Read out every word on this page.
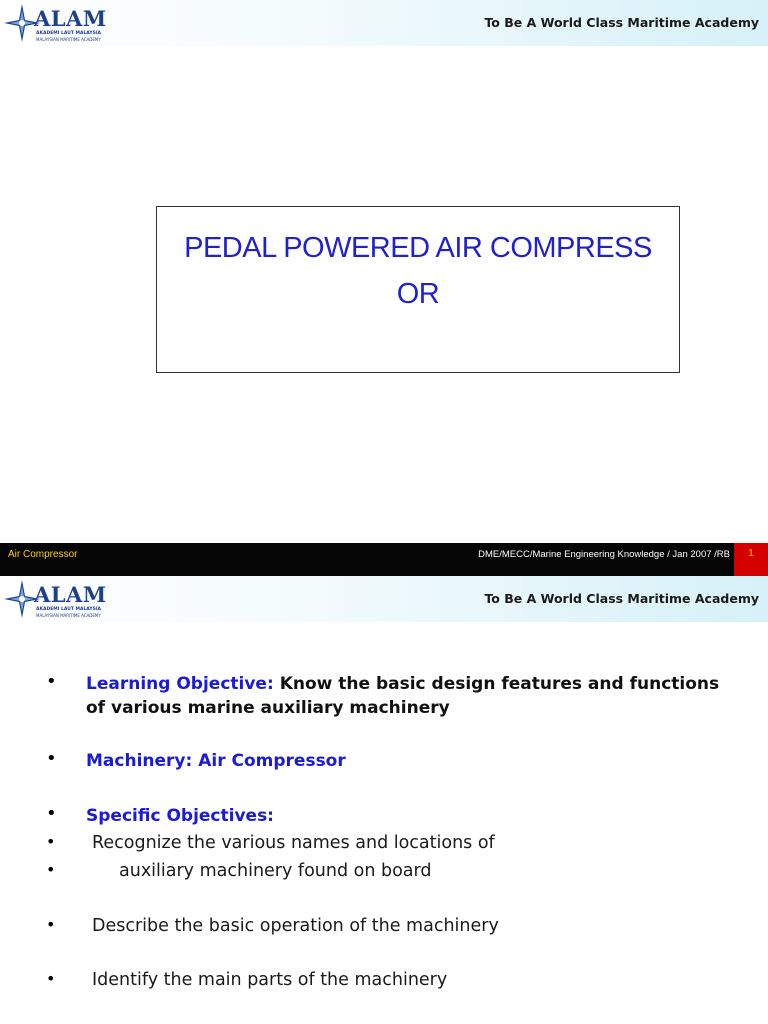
ALAM
AKADEMI LAUT MALAYSIA
MALAYSIAN MARITIME ACADEMY
To Be A World Class Maritime Academy
PEDAL POWERED AIR COMPRESS
OR
Air Compressor	DME/MECC/Marine Engineering Knowledge / Jan 2007 /RB	1
ALAM
AKADEMI LAUT MALAYSIA
MALAYSIAN MARITIME ACADEMY
To Be A World Class Maritime Academy
• Learning Objective: Know the basic design features and functions of various marine auxiliary machinery
• Machinery: Air Compressor
• Specific Objectives:
• Recognize the various names and locations of
•	auxiliary machinery found on board
• Describe the basic operation of the machinery
• Identify the main parts of the machinery
